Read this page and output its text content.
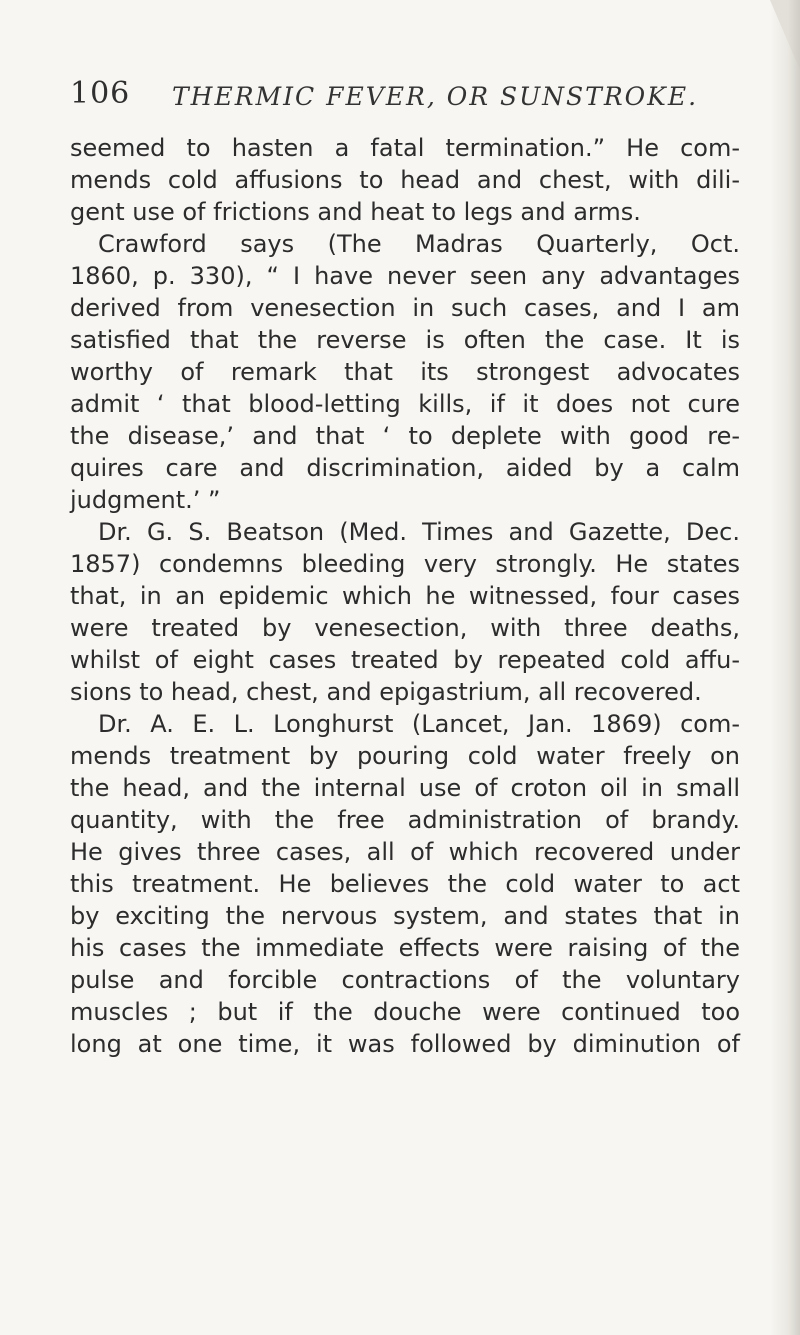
106 THERMIC FEVER, OR SUNSTROKE.
seemed to hasten a fatal termination.” He com-
mends cold affusions to head and chest, with dili-
gent use of frictions and heat to legs and arms.
Crawford says (The Madras Quarterly, Oct.
1860, p. 330), “ I have never seen any advantages
derived from venesection in such cases, and I am
satisfied that the reverse is often the case. It is
worthy of remark that its strongest advocates
admit ‘ that blood-letting kills, if it does not cure
the disease,’ and that ‘ to deplete with good re-
quires care and discrimination, aided by a calm
judgment.’ ”
Dr. G. S. Beatson (Med. Times and Gazette, Dec.
1857) condemns bleeding very strongly. He states
that, in an epidemic which he witnessed, four cases
were treated by venesection, with three deaths,
whilst of eight cases treated by repeated cold affu-
sions to head, chest, and epigastrium, all recovered.
Dr. A. E. L. Longhurst (Lancet, Jan. 1869) com-
mends treatment by pouring cold water freely on
the head, and the internal use of croton oil in small
quantity, with the free administration of brandy.
He gives three cases, all of which recovered under
this treatment. He believes the cold water to act
by exciting the nervous system, and states that in
his cases the immediate effects were raising of the
pulse and forcible contractions of the voluntary
muscles ; but if the douche were continued too
long at one time, it was followed by diminution of
